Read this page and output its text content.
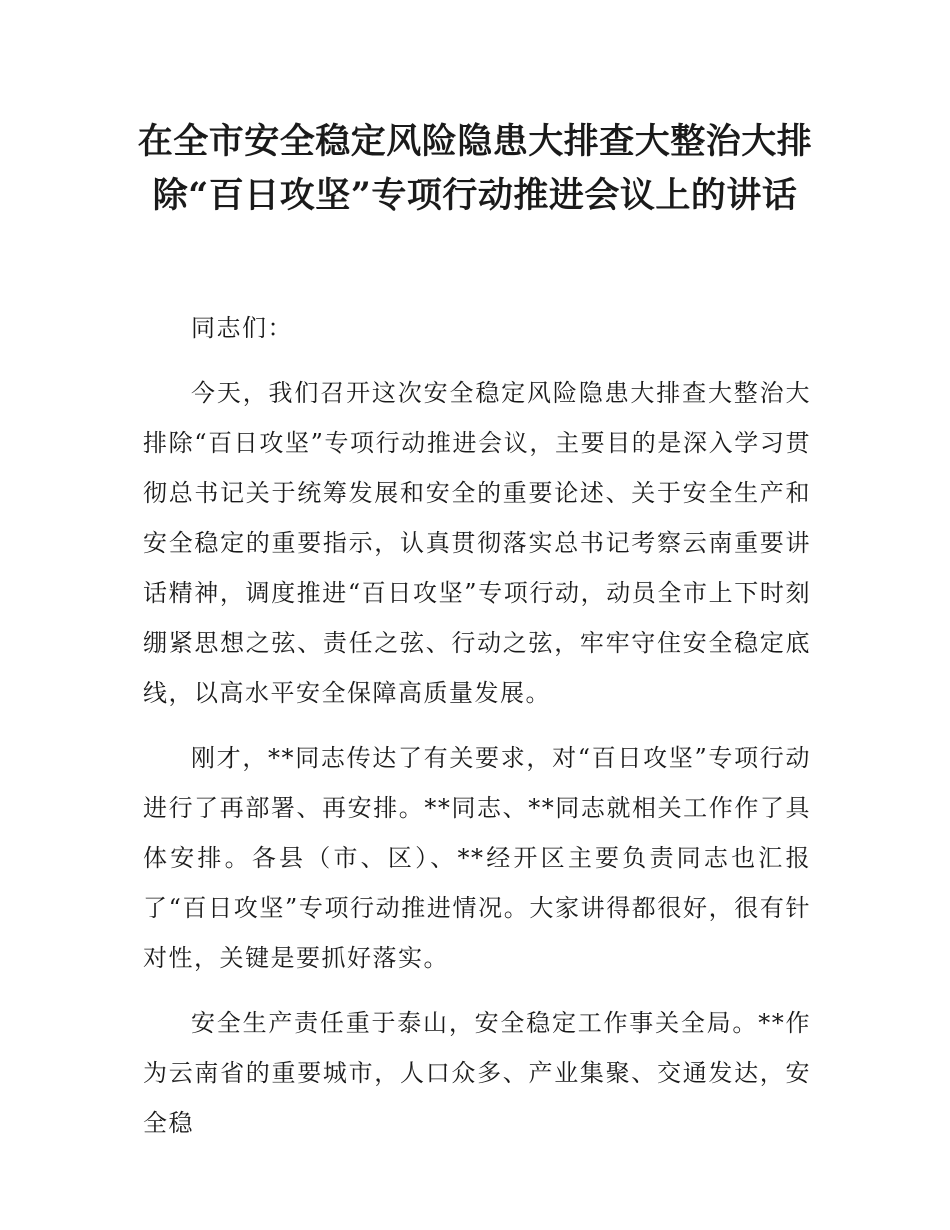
在全市安全稳定风险隐患大排查大整治大排除“百日攻坚”专项行动推进会议上的讲话
同志们：

今天，我们召开这次安全稳定风险隐患大排查大整治大排除“百日攻坚”专项行动推进会议，主要目的是深入学习贯彻总书记关于统筹发展和安全的重要论述、关于安全生产和安全稳定的重要指示，认真贯彻落实总书记考察云南重要讲话精神，调度推进“百日攻坚”专项行动，动员全市上下时刻绷紧思想之弦、责任之弦、行动之弦，牢牢守住安全稳定底线，以高水平安全保障高质量发展。

刚才，**同志传达了有关要求，对“百日攻坚”专项行动进行了再部署、再安排。**同志、**同志就相关工作作了具体安排。各县（市、区）、**经开区主要负责同志也汇报了“百日攻坚”专项行动推进情况。大家讲得都很好，很有针对性，关键是要抓好落实。

安全生产责任重于泰山，安全稳定工作事关全局。**作为云南省的重要城市，人口众多、产业集聚、交通发达，安全稳
